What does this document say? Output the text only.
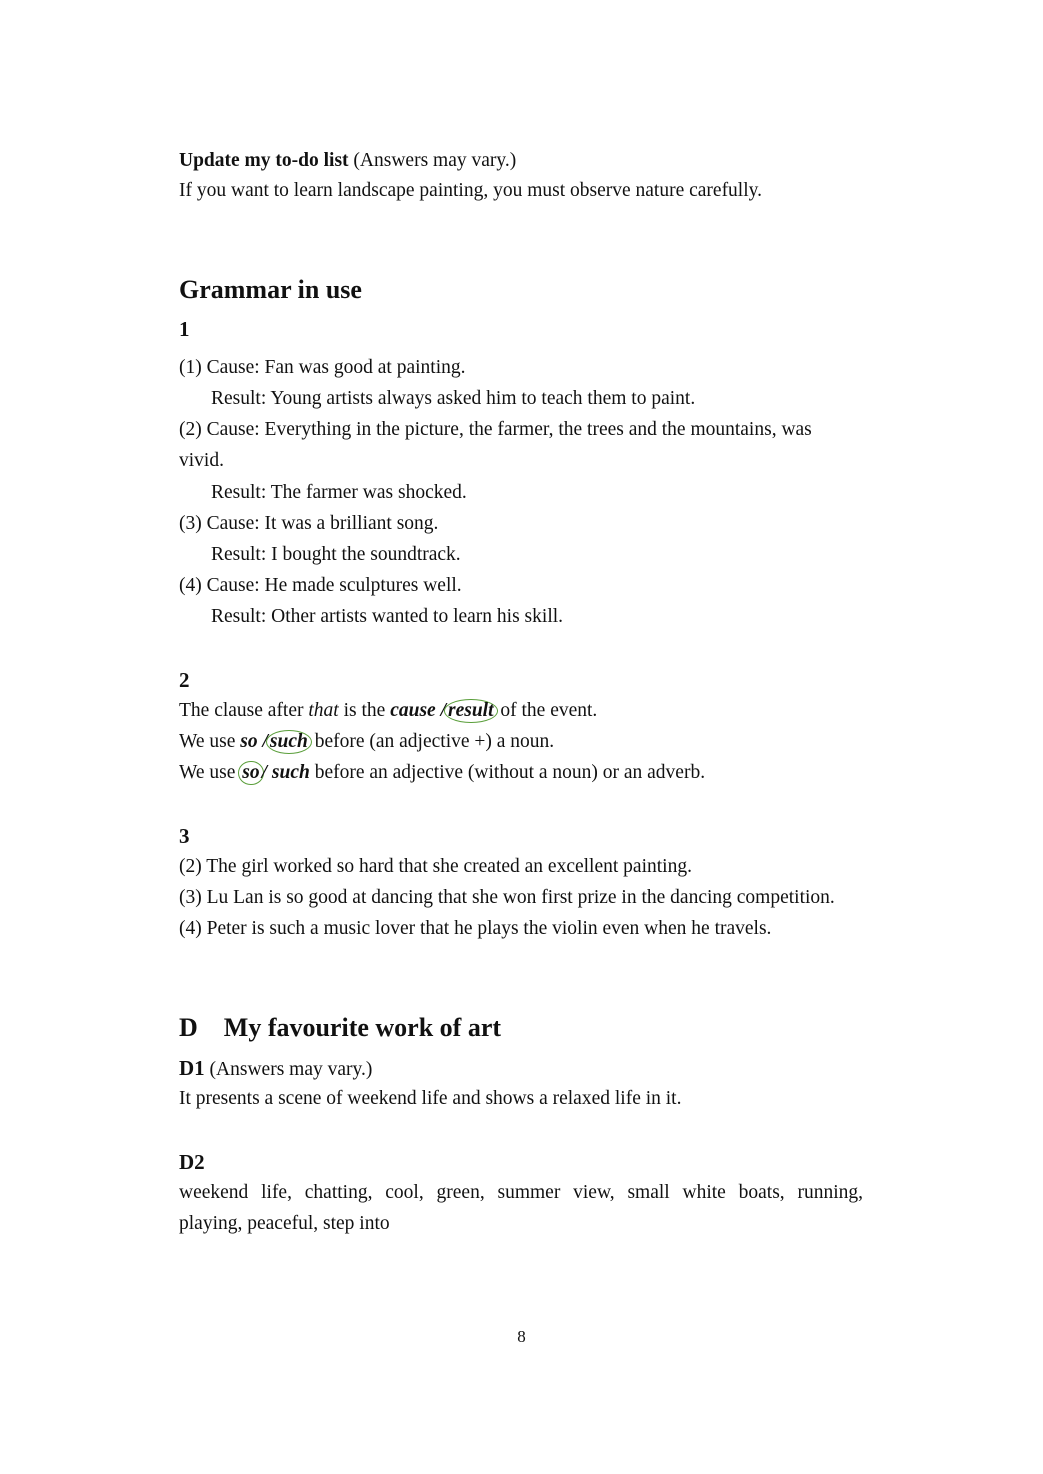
Update my to-do list (Answers may vary.)
If you want to learn landscape painting, you must observe nature carefully.
Grammar in use
1
(1) Cause: Fan was good at painting.
Result: Young artists always asked him to teach them to paint.
(2) Cause: Everything in the picture, the farmer, the trees and the mountains, was
vivid.
Result: The farmer was shocked.
(3) Cause: It was a brilliant song.
Result: I bought the soundtrack.
(4) Cause: He made sculptures well.
Result: Other artists wanted to learn his skill.
2
The clause after that is the cause / result of the event.
We use so / such before (an adjective +) a noun.
We use so / such before an adjective (without a noun) or an adverb.
3
(2) The girl worked so hard that she created an excellent painting.
(3) Lu Lan is so good at dancing that she won first prize in the dancing competition.
(4) Peter is such a music lover that he plays the violin even when he travels.
D    My favourite work of art
D1 (Answers may vary.)
It presents a scene of weekend life and shows a relaxed life in it.
D2
weekend life, chatting, cool, green, summer view, small white boats, running,
playing, peaceful, step into
8
